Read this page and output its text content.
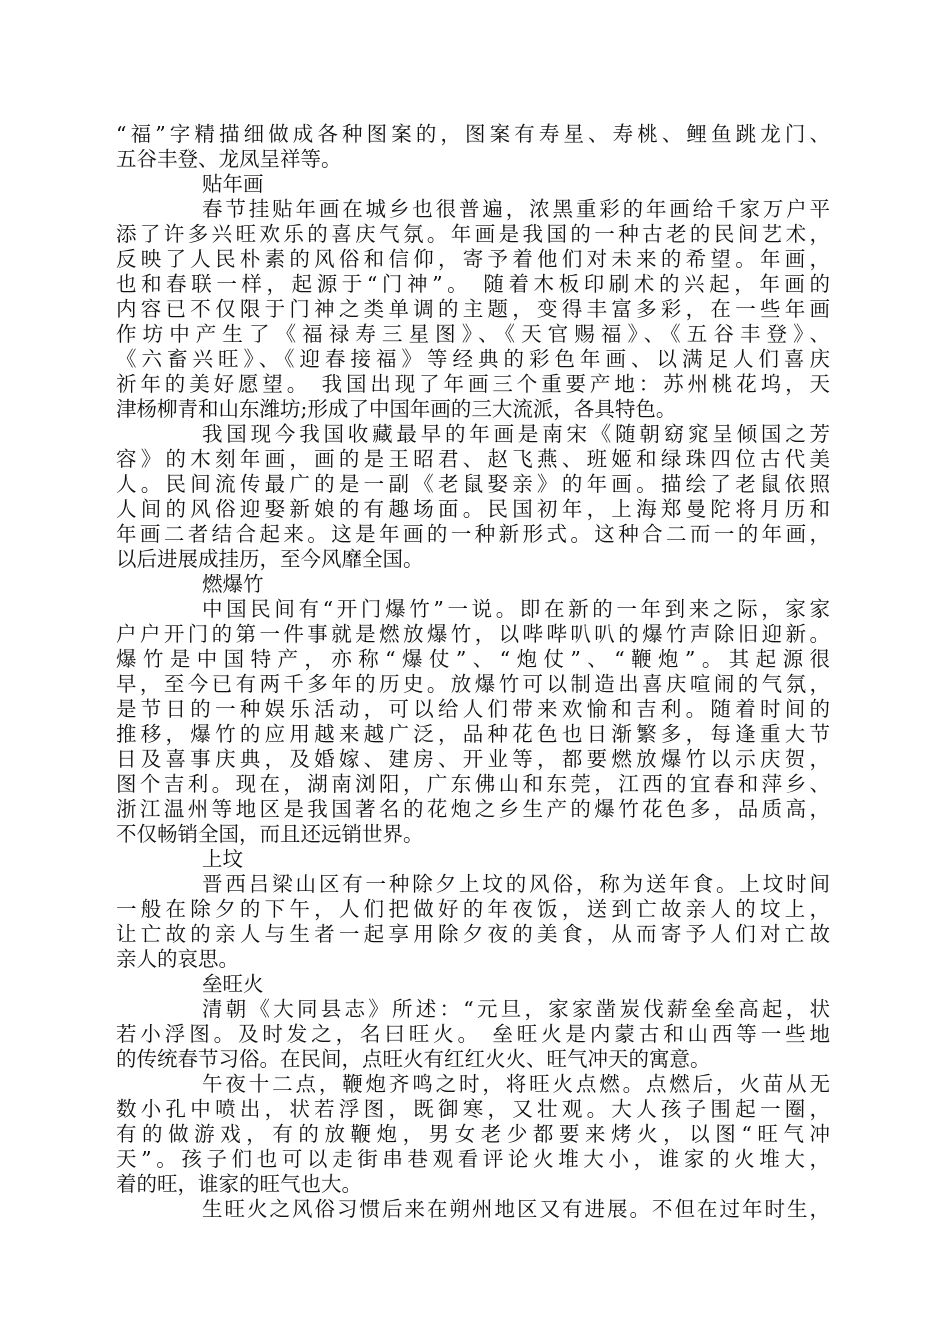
“福”字精描细做成各种图案的，图案有寿星、寿桃、鲤鱼跳龙门、
五谷丰登、龙凤呈祥等。
贴年画
春节挂贴年画在城乡也很普遍，浓黑重彩的年画给千家万户平
添了许多兴旺欢乐的喜庆气氛。年画是我国的一种古老的民间艺术，
反映了人民朴素的风俗和信仰，寄予着他们对未来的希望。年画，
也和春联一样，起源于“门神”。 随着木板印刷术的兴起，年画的
内容已不仅限于门神之类单调的主题，变得丰富多彩，在一些年画
作坊中产生了《福禄寿三星图》、《天官赐福》、《五谷丰登》、
《六畜兴旺》、《迎春接福》等经典的彩色年画、以满足人们喜庆
祈年的美好愿望。 我国出现了年画三个重要产地：苏州桃花坞，天
津杨柳青和山东潍坊;形成了中国年画的三大流派，各具特色。
我国现今我国收藏最早的年画是南宋《随朝窈窕呈倾国之芳
容》的木刻年画，画的是王昭君、赵飞燕、班姬和绿珠四位古代美
人。民间流传最广的是一副《老鼠娶亲》的年画。描绘了老鼠依照
人间的风俗迎娶新娘的有趣场面。民国初年，上海郑曼陀将月历和
年画二者结合起来。这是年画的一种新形式。这种合二而一的年画，
以后进展成挂历，至今风靡全国。
燃爆竹
中国民间有“开门爆竹”一说。即在新的一年到来之际，家家
户户开门的第一件事就是燃放爆竹，以哔哔叭叭的爆竹声除旧迎新。
爆竹是中国特产，亦称“爆仗”、“炮仗”、“鞭炮”。其起源很
早，至今已有两千多年的历史。放爆竹可以制造出喜庆喧闹的气氛，
是节日的一种娱乐活动，可以给人们带来欢愉和吉利。随着时间的
推移，爆竹的应用越来越广泛，品种花色也日渐繁多，每逢重大节
日及喜事庆典，及婚嫁、建房、开业等，都要燃放爆竹以示庆贺，
图个吉利。现在，湖南浏阳，广东佛山和东莞，江西的宜春和萍乡、
浙江温州等地区是我国著名的花炮之乡生产的爆竹花色多，品质高，
不仅畅销全国，而且还远销世界。
上坟
晋西吕梁山区有一种除夕上坟的风俗，称为送年食。上坟时间
一般在除夕的下午，人们把做好的年夜饭，送到亡故亲人的坟上，
让亡故的亲人与生者一起享用除夕夜的美食，从而寄予人们对亡故
亲人的哀思。
垒旺火
清朝《大同县志》所述：“元旦，家家凿炭伐薪垒垒高起，状
若小浮图。及时发之，名曰旺火。 垒旺火是内蒙古和山西等一些地
的传统春节习俗。在民间，点旺火有红红火火、旺气冲天的寓意。
午夜十二点，鞭炮齐鸣之时，将旺火点燃。点燃后，火苗从无
数小孔中喷出，状若浮图，既御寒，又壮观。大人孩子围起一圈，
有的做游戏，有的放鞭炮，男女老少都要来烤火，以图“旺气冲
天”。孩子们也可以走街串巷观看评论火堆大小，谁家的火堆大，
着的旺，谁家的旺气也大。
生旺火之风俗习惯后来在朔州地区又有进展。不但在过年时生，
